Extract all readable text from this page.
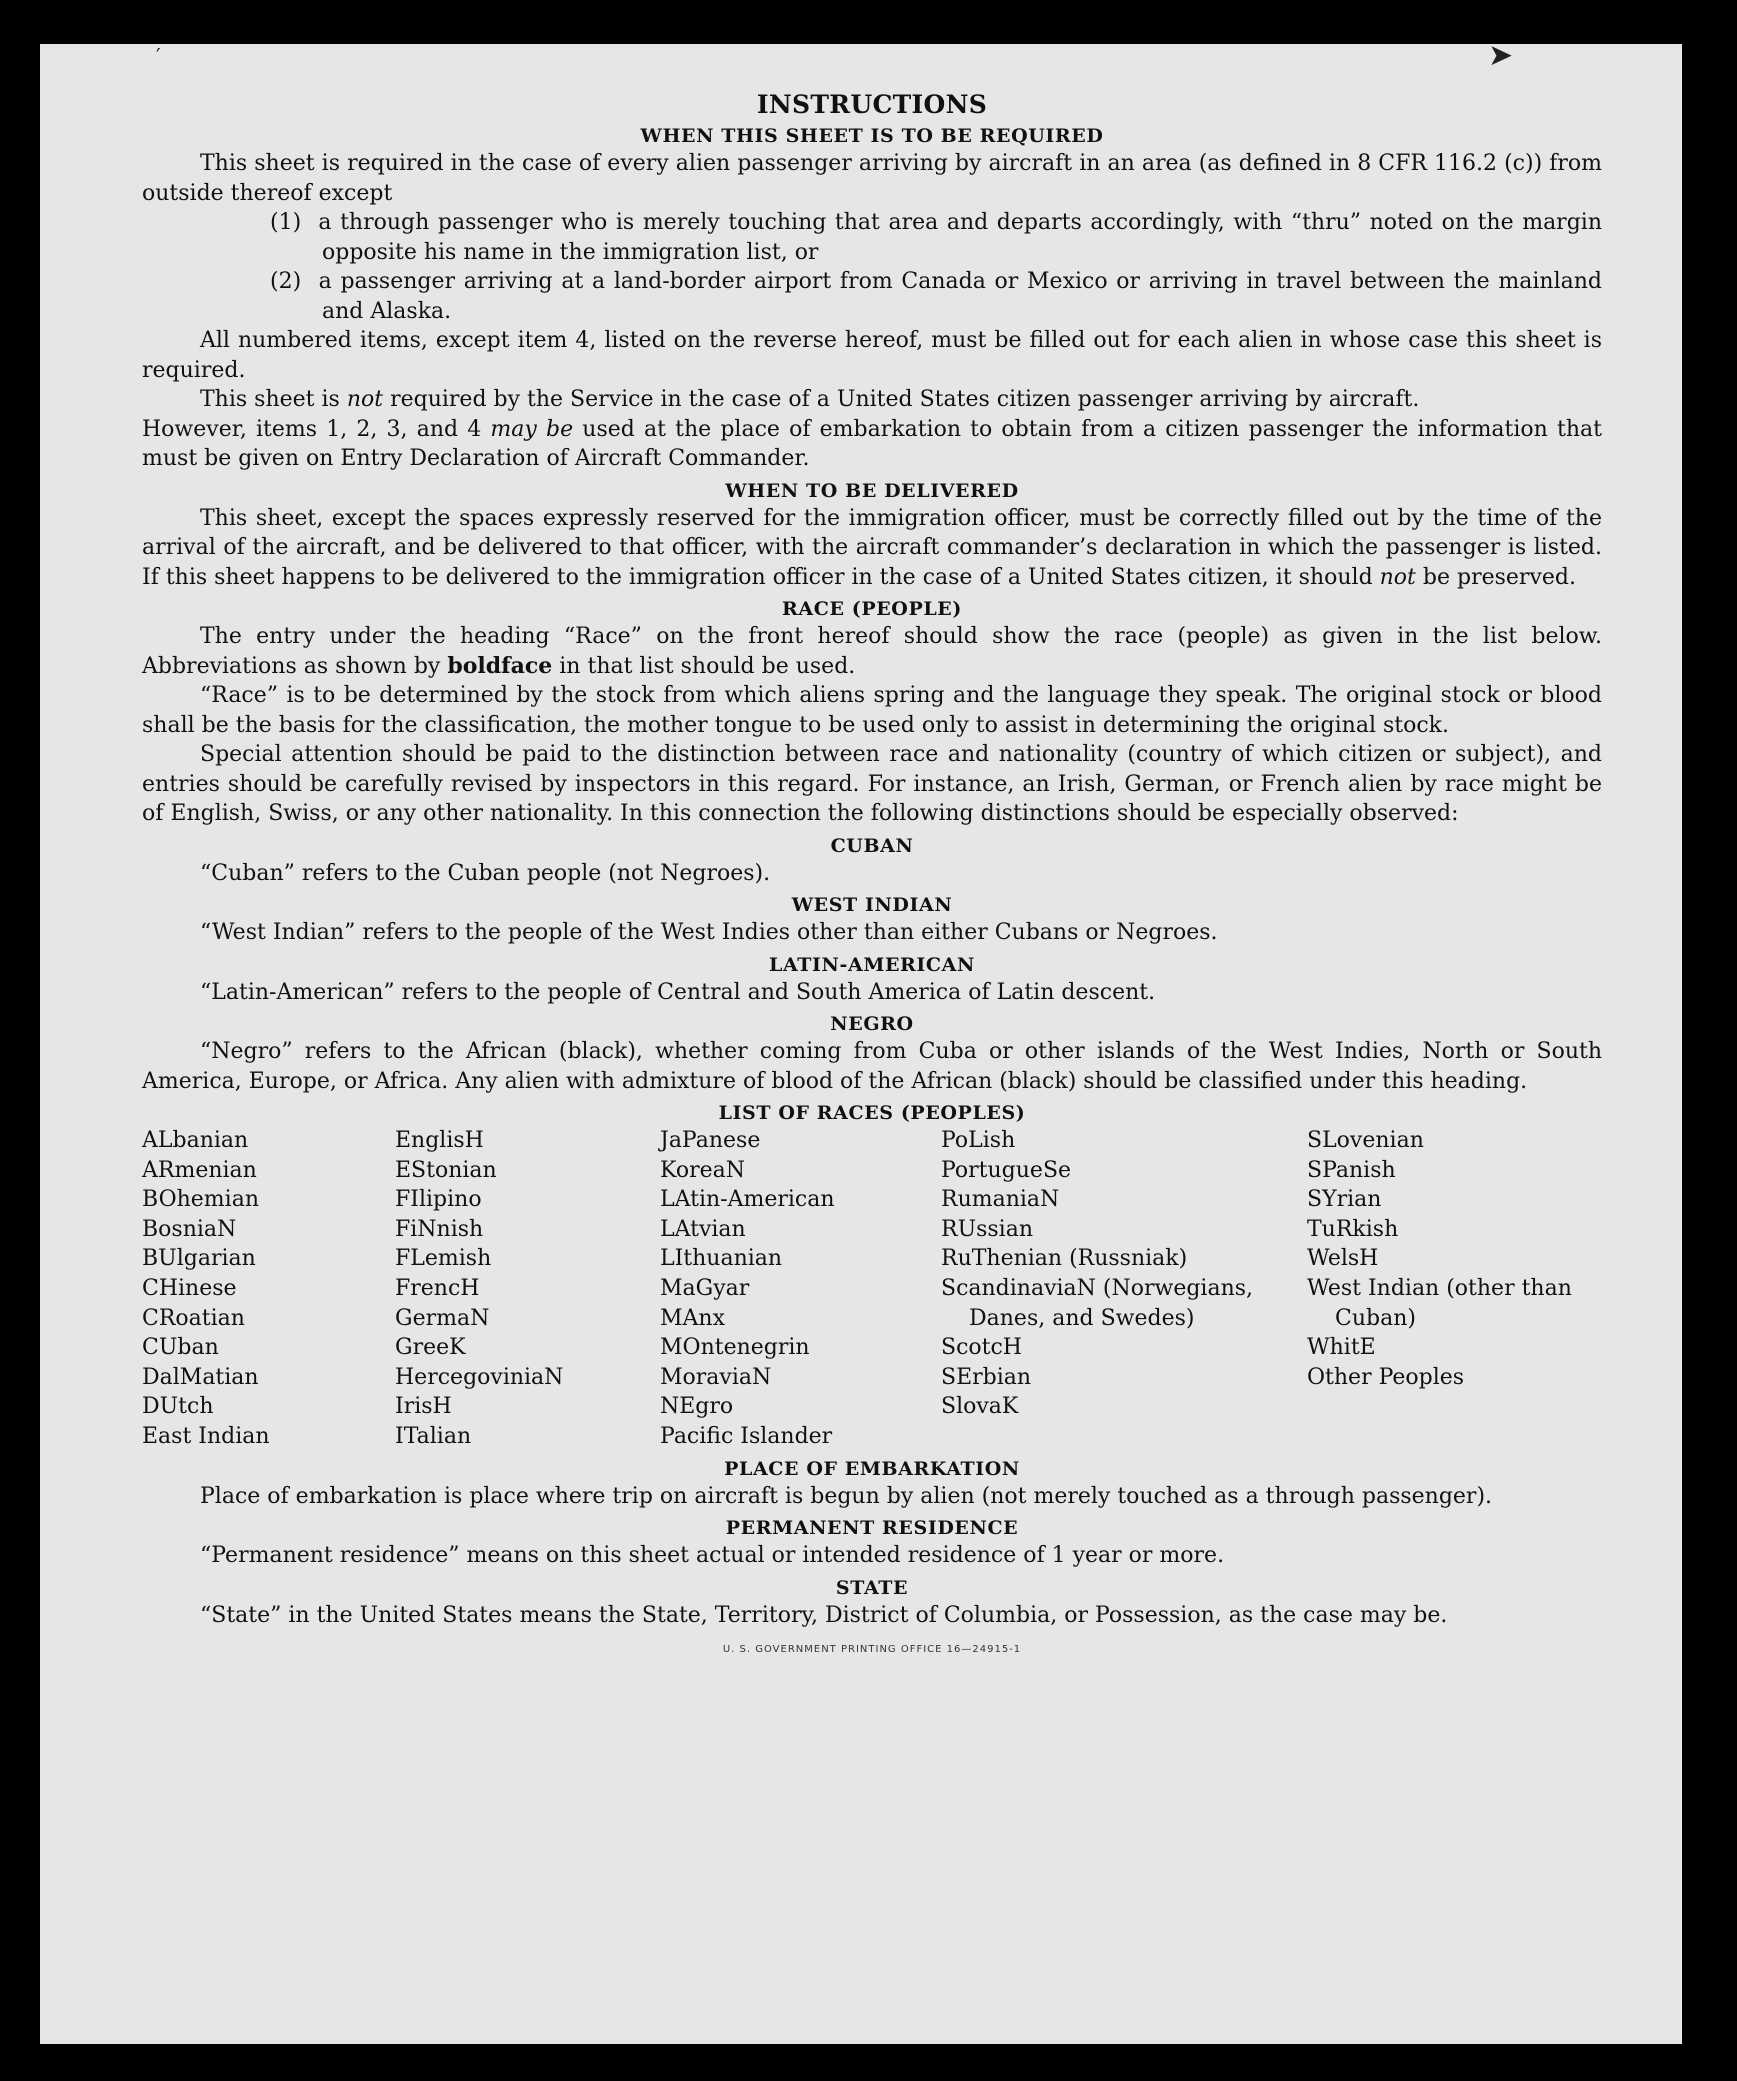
′	➤
INSTRUCTIONS
WHEN THIS SHEET IS TO BE REQUIRED

This sheet is required in the case of every alien passenger arriving by aircraft in an area (as defined in 8 CFR 116.2 (c)) from outside thereof except

(1) a through passenger who is merely touching that area and departs accordingly, with “thru” noted on the margin opposite his name in the immigration list, or
(2) a passenger arriving at a land-border airport from Canada or Mexico or arriving in travel between the mainland and Alaska.

All numbered items, except item 4, listed on the reverse hereof, must be filled out for each alien in whose case this sheet is required.

This sheet is not required by the Service in the case of a United States citizen passenger arriving by aircraft.

However, items 1, 2, 3, and 4 may be used at the place of embarkation to obtain from a citizen passenger the information that must be given on Entry Declaration of Aircraft Commander.

WHEN TO BE DELIVERED

This sheet, except the spaces expressly reserved for the immigration officer, must be correctly filled out by the time of the arrival of the aircraft, and be delivered to that officer, with the aircraft commander’s declaration in which the passenger is listed. If this sheet happens to be delivered to the immigration officer in the case of a United States citizen, it should not be preserved.

RACE (PEOPLE)

The entry under the heading “Race” on the front hereof should show the race (people) as given in the list below. Abbreviations as shown by boldface in that list should be used.

“Race” is to be determined by the stock from which aliens spring and the language they speak. The original stock or blood shall be the basis for the classification, the mother tongue to be used only to assist in determining the original stock.

Special attention should be paid to the distinction between race and nationality (country of which citizen or subject), and entries should be carefully revised by inspectors in this regard. For instance, an Irish, German, or French alien by race might be of English, Swiss, or any other nationality. In this connection the following distinctions should be especially observed:

CUBAN

“Cuban” refers to the Cuban people (not Negroes).

WEST INDIAN

“West Indian” refers to the people of the West Indies other than either Cubans or Negroes.

LATIN-AMERICAN

“Latin-American” refers to the people of Central and South America of Latin descent.

NEGRO

“Negro” refers to the African (black), whether coming from Cuba or other islands of the West Indies, North or South America, Europe, or Africa. Any alien with admixture of blood of the African (black) should be classified under this heading.

LIST OF RACES (PEOPLES)
ALbanian
ARmenian
BOhemian
BosniaN
BUlgarian
CHinese
CRoatian
CUban
DalMatian
DUtch
East Indian
EnglisH
EStonian
FIlipino
FiNnish
FLemish
FrencH
GermaN
GreeK
HercegoviniaN
IrisH
ITalian
JaPanese
KoreaN
LAtin-American
LAtvian
LIthuanian
MaGyar
MAnx
MOntenegrin
MoraviaN
NEgro
Pacific Islander
PoLish
PortugueSe
RumaniaN
RUssian
RuThenian (Russniak)
ScandinaviaN (Norwegians, Danes, and Swedes)
ScotcH
SErbian
SlovaK
SLovenian
SPanish
SYrian
TuRkish
WelsH
West Indian (other than Cuban)
WhitE
Other Peoples
PLACE OF EMBARKATION

Place of embarkation is place where trip on aircraft is begun by alien (not merely touched as a through passenger).

PERMANENT RESIDENCE

“Permanent residence” means on this sheet actual or intended residence of 1 year or more.

STATE

“State” in the United States means the State, Territory, District of Columbia, or Possession, as the case may be.

U. S. GOVERNMENT PRINTING OFFICE 16—24915-1
